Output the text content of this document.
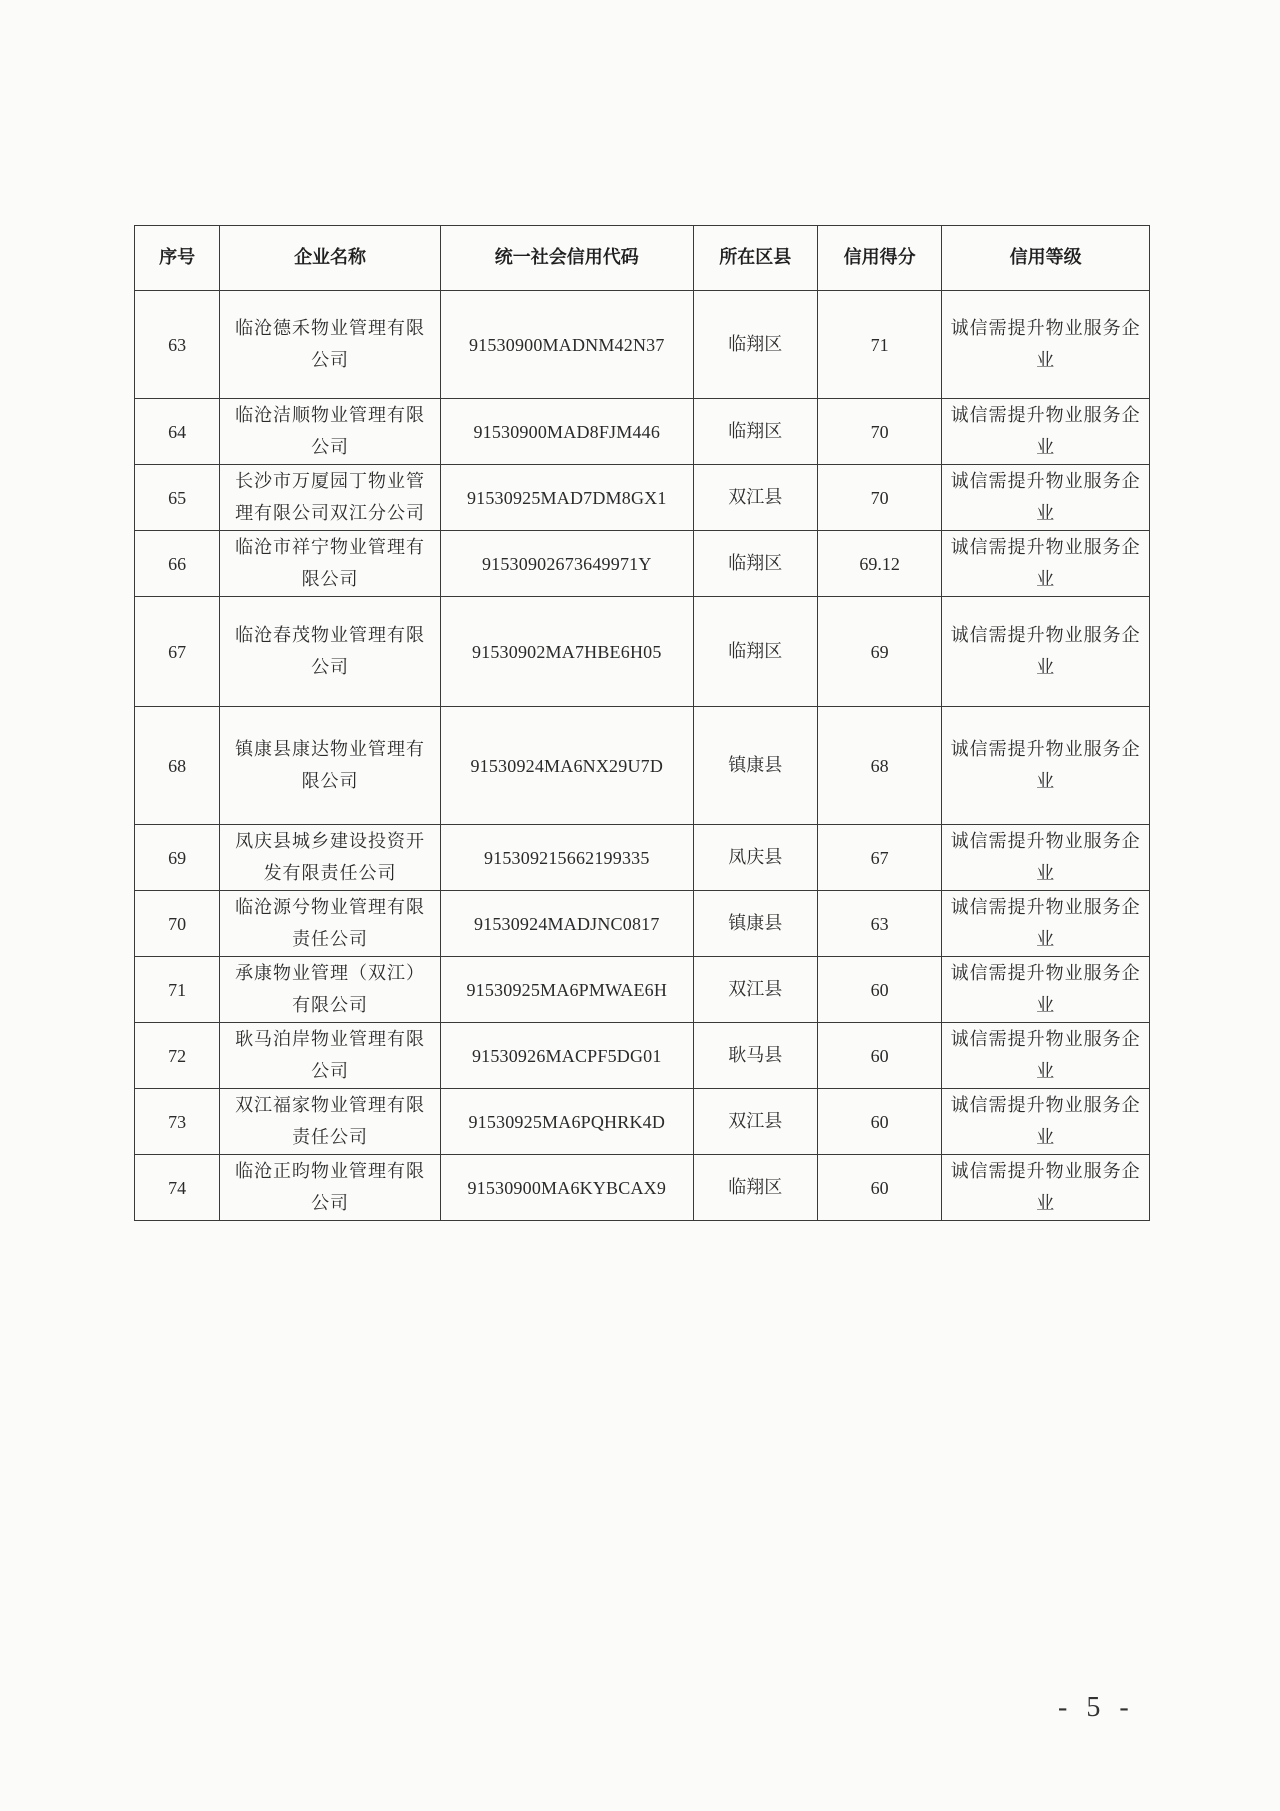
序号	企业名称	统一社会信用代码	所在区县	信用得分	信用等级
63	临沧德禾物业管理有限公司	91530900MADNM42N37	临翔区	71	诚信需提升物业服务企业
64	临沧洁顺物业管理有限公司	91530900MAD8FJM446	临翔区	70	诚信需提升物业服务企业
65	长沙市万厦园丁物业管理有限公司双江分公司	91530925MAD7DM8GX1	双江县	70	诚信需提升物业服务企业
66	临沧市祥宁物业管理有限公司	91530902673649971Y	临翔区	69.12	诚信需提升物业服务企业
67	临沧春茂物业管理有限公司	91530902MA7HBE6H05	临翔区	69	诚信需提升物业服务企业
68	镇康县康达物业管理有限公司	91530924MA6NX29U7D	镇康县	68	诚信需提升物业服务企业
69	凤庆县城乡建设投资开发有限责任公司	915309215662199335	凤庆县	67	诚信需提升物业服务企业
70	临沧源兮物业管理有限责任公司	91530924MADJNC0817	镇康县	63	诚信需提升物业服务企业
71	承康物业管理（双江）有限公司	91530925MA6PMWAE6H	双江县	60	诚信需提升物业服务企业
72	耿马泊岸物业管理有限公司	91530926MACPF5DG01	耿马县	60	诚信需提升物业服务企业
73	双江福家物业管理有限责任公司	91530925MA6PQHRK4D	双江县	60	诚信需提升物业服务企业
74	临沧正昀物业管理有限公司	91530900MA6KYBCAX9	临翔区	60	诚信需提升物业服务企业
- 5 -
